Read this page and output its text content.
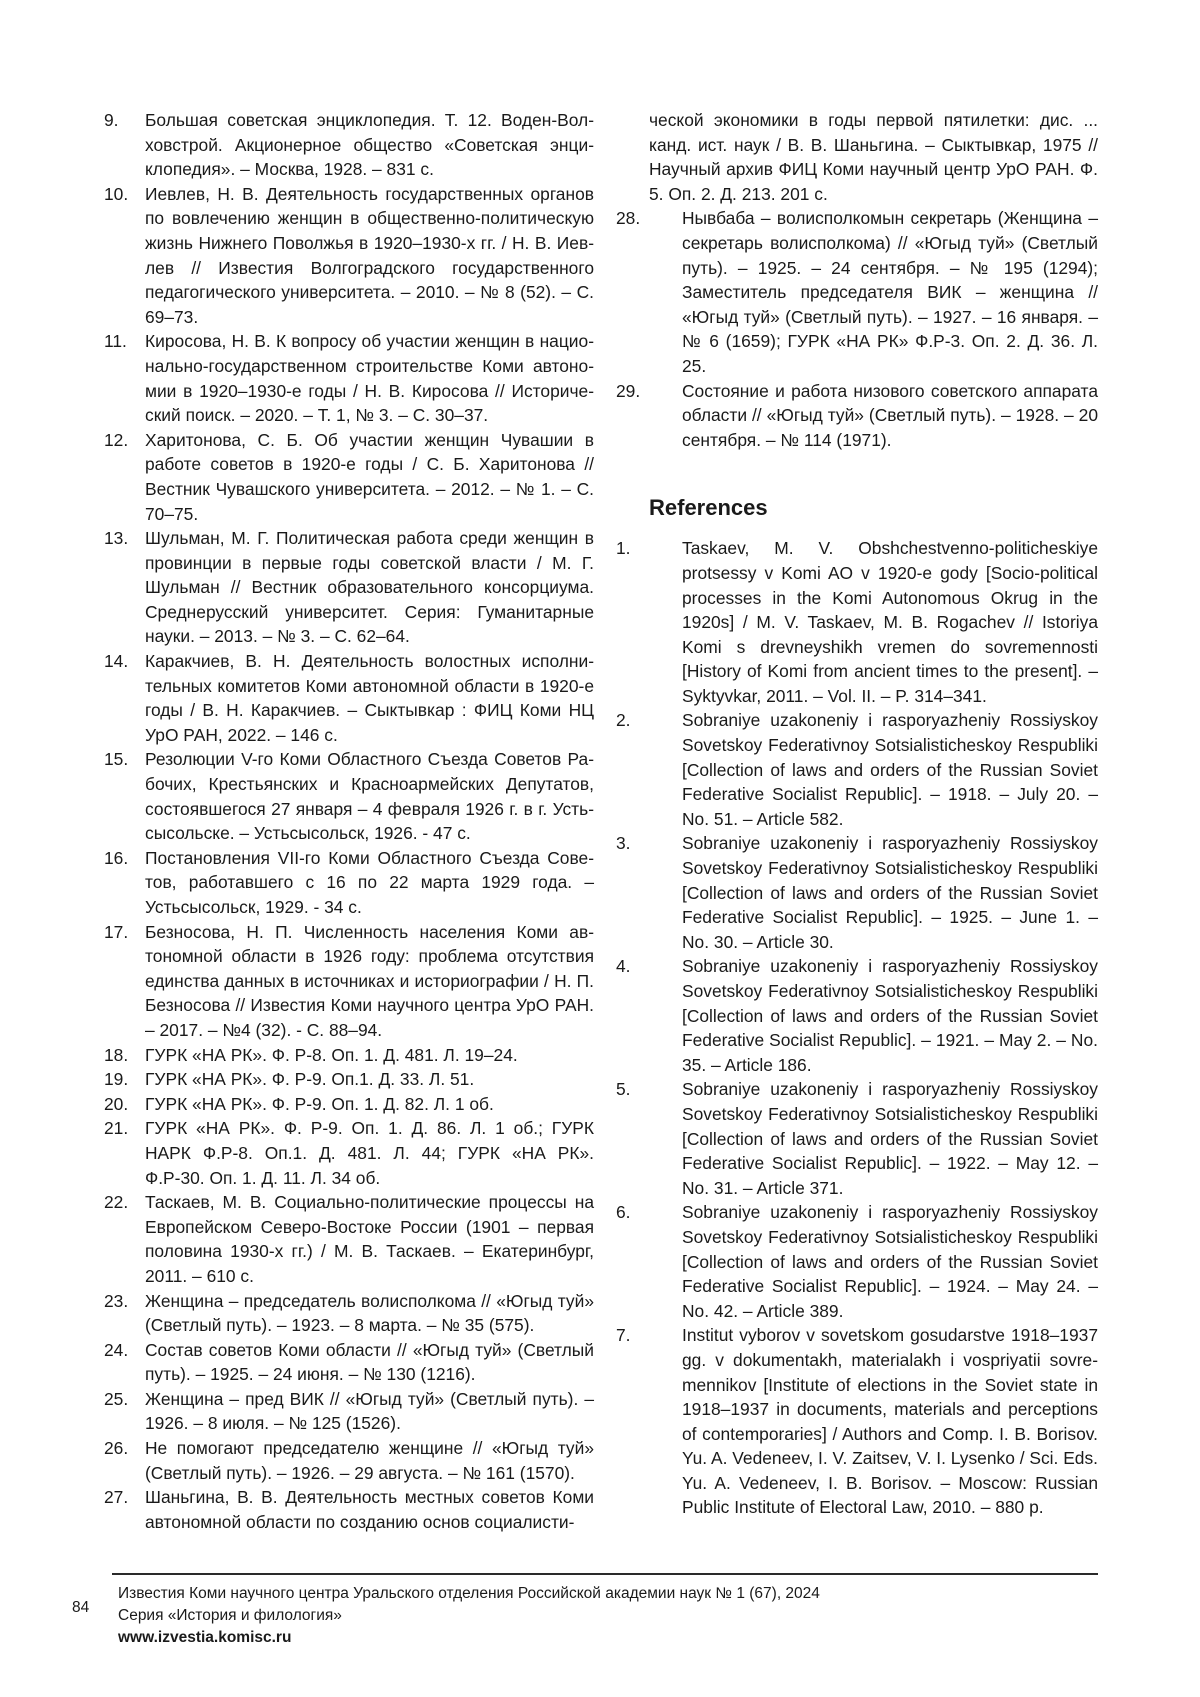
9. Большая советская энциклопедия. Т. 12. Воден-Волховстрой. Акционерное общество «Советская энциклопедия». – Москва, 1928. – 831 с.
10. Иевлев, Н. В. Деятельность государственных органов по вовлечению женщин в общественно-политическую жизнь Нижнего Поволжья в 1920–1930-х гг. / Н. В. Иевлев // Известия Волгоградского государственного педагогического университета. – 2010. – № 8 (52). – С. 69–73.
11. Киросова, Н. В. К вопросу об участии женщин в национально-государственном строительстве Коми автономии в 1920–1930-е годы / Н. В. Киросова // Исторический поиск. – 2020. – Т. 1, № 3. – С. 30–37.
12. Харитонова, С. Б. Об участии женщин Чувашии в работе советов в 1920-е годы / С. Б. Харитонова // Вестник Чувашского университета. – 2012. – № 1. – С. 70–75.
13. Шульман, М. Г. Политическая работа среди женщин в провинции в первые годы советской власти / М. Г. Шульман // Вестник образовательного консорциума. Среднерусский университет. Серия: Гуманитарные науки. – 2013. – № 3. – С. 62–64.
14. Каракчиев, В. Н. Деятельность волостных исполнительных комитетов Коми автономной области в 1920-е годы / В. Н. Каракчиев. – Сыктывкар : ФИЦ Коми НЦ УрО РАН, 2022. – 146 с.
15. Резолюции V-го Коми Областного Съезда Советов Рабочих, Крестьянских и Красноармейских Депутатов, состоявшегося 27 января – 4 февраля 1926 г. в г. Устьсысольске. – Устьсысольск, 1926. - 47 с.
16. Постановления VII-го Коми Областного Съезда Советов, работавшего с 16 по 22 марта 1929 года. – Устьсысольск, 1929. - 34 с.
17. Безносова, Н. П. Численность населения Коми автономной области в 1926 году: проблема отсутствия единства данных в источниках и историографии / Н. П. Безносова // Известия Коми научного центра УрО РАН. – 2017. – №4 (32). - С. 88–94.
18. ГУРК «НА РК». Ф. Р-8. Оп. 1. Д. 481. Л. 19–24.
19. ГУРК «НА РК». Ф. Р-9. Оп.1. Д. 33. Л. 51.
20. ГУРК «НА РК». Ф. Р-9. Оп. 1. Д. 82. Л. 1 об.
21. ГУРК «НА РК». Ф. Р-9. Оп. 1. Д. 86. Л. 1 об.; ГУРК НАРК Ф.Р-8. Оп.1. Д. 481. Л. 44; ГУРК «НА РК». Ф.Р-30. Оп. 1. Д. 11. Л. 34 об.
22. Таскаев, М. В. Социально-политические процессы на Европейском Северо-Востоке России (1901 – первая половина 1930-х гг.) / М. В. Таскаев. – Екатеринбург, 2011. – 610 с.
23. Женщина – председатель волисполкома // «Югыд туй» (Светлый путь). – 1923. – 8 марта. – № 35 (575).
24. Состав советов Коми области // «Югыд туй» (Светлый путь). – 1925. – 24 июня. – № 130 (1216).
25. Женщина – пред ВИК // «Югыд туй» (Светлый путь). – 1926. – 8 июля. – № 125 (1526).
26. Не помогают председателю женщине // «Югыд туй» (Светлый путь). – 1926. – 29 августа. – № 161 (1570).
27. Шаньгина, В. В. Деятельность местных советов Коми автономной области по созданию основ социалисти-

ческой экономики в годы первой пятилетки: дис. ... канд. ист. наук / В. В. Шаньгина. – Сыктывкар, 1975 // Научный архив ФИЦ Коми научный центр УрО РАН. Ф. 5. Оп. 2. Д. 213. 201 с.

28. Нывбаба – волисполкомын секретарь (Женщина – секретарь волисполкома) // «Югыд туй» (Светлый путь). – 1925. – 24 сентября. – № 195 (1294); Заместитель председателя ВИК – женщина // «Югыд туй» (Светлый путь). – 1927. – 16 января. – № 6 (1659); ГУРК «НА РК» Ф.Р-3. Оп. 2. Д. 36. Л. 25.
29. Состояние и работа низового советского аппарата области // «Югыд туй» (Светлый путь). – 1928. – 20 сентября. – № 114 (1971).
References
1.	Taskaev, M. V. Obshchestvenno-politicheskiye protsessy v Komi AO v 1920-e gody [Socio-political processes in the Komi Autonomous Okrug in the 1920s] / M. V. Taskaev, M. B. Rogachev // Istoriya Komi s drevneyshikh vremen do sovremennosti [History of Komi from ancient times to the present]. – Syktyvkar, 2011. – Vol. II. – P. 314–341.
2.	Sobraniye uzakoneniy i rasporyazheniy Rossiyskoy Sovetskoy Federativnoy Sotsialisticheskoy Respubliki [Collection of laws and orders of the Russian Soviet Federative Socialist Republic]. – 1918. – July 20. – No. 51. – Article 582.
3.	Sobraniye uzakoneniy i rasporyazheniy Rossiyskoy Sovetskoy Federativnoy Sotsialisticheskoy Respubliki [Collection of laws and orders of the Russian Soviet Federative Socialist Republic]. – 1925. – June 1. – No. 30. – Article 30.
4.	Sobraniye uzakoneniy i rasporyazheniy Rossiyskoy Sovetskoy Federativnoy Sotsialisticheskoy Respubliki [Collection of laws and orders of the Russian Soviet Federative Socialist Republic]. – 1921. – May 2. – No. 35. – Article 186.
5.	Sobraniye uzakoneniy i rasporyazheniy Rossiyskoy Sovetskoy Federativnoy Sotsialisticheskoy Respubliki [Collection of laws and orders of the Russian Soviet Federative Socialist Republic]. – 1922. – May 12. – No. 31. – Article 371.
6.	Sobraniye uzakoneniy i rasporyazheniy Rossiyskoy Sovetskoy Federativnoy Sotsialisticheskoy Respubliki [Collection of laws and orders of the Russian Soviet Federative Socialist Republic]. – 1924. – May 24. – No. 42. – Article 389.
7.	Institut vyborov v sovetskom gosudarstve 1918–1937 gg. v dokumentakh, materialakh i vospriyatii sovremennikov [Institute of elections in the Soviet state in 1918–1937 in documents, materials and perceptions of contemporaries] / Authors and Comp. I. B. Borisov. Yu. A. Vedeneev, I. V. Zaitsev, V. I. Lysenko / Sci. Eds. Yu. A. Vedeneev, I. B. Borisov. – Moscow: Russian Public Institute of Electoral Law, 2010. – 880 p.
84
Известия Коми научного центра Уральского отделения Российской академии наук № 1 (67), 2024
Серия «История и филология»
www.izvestia.komisc.ru
